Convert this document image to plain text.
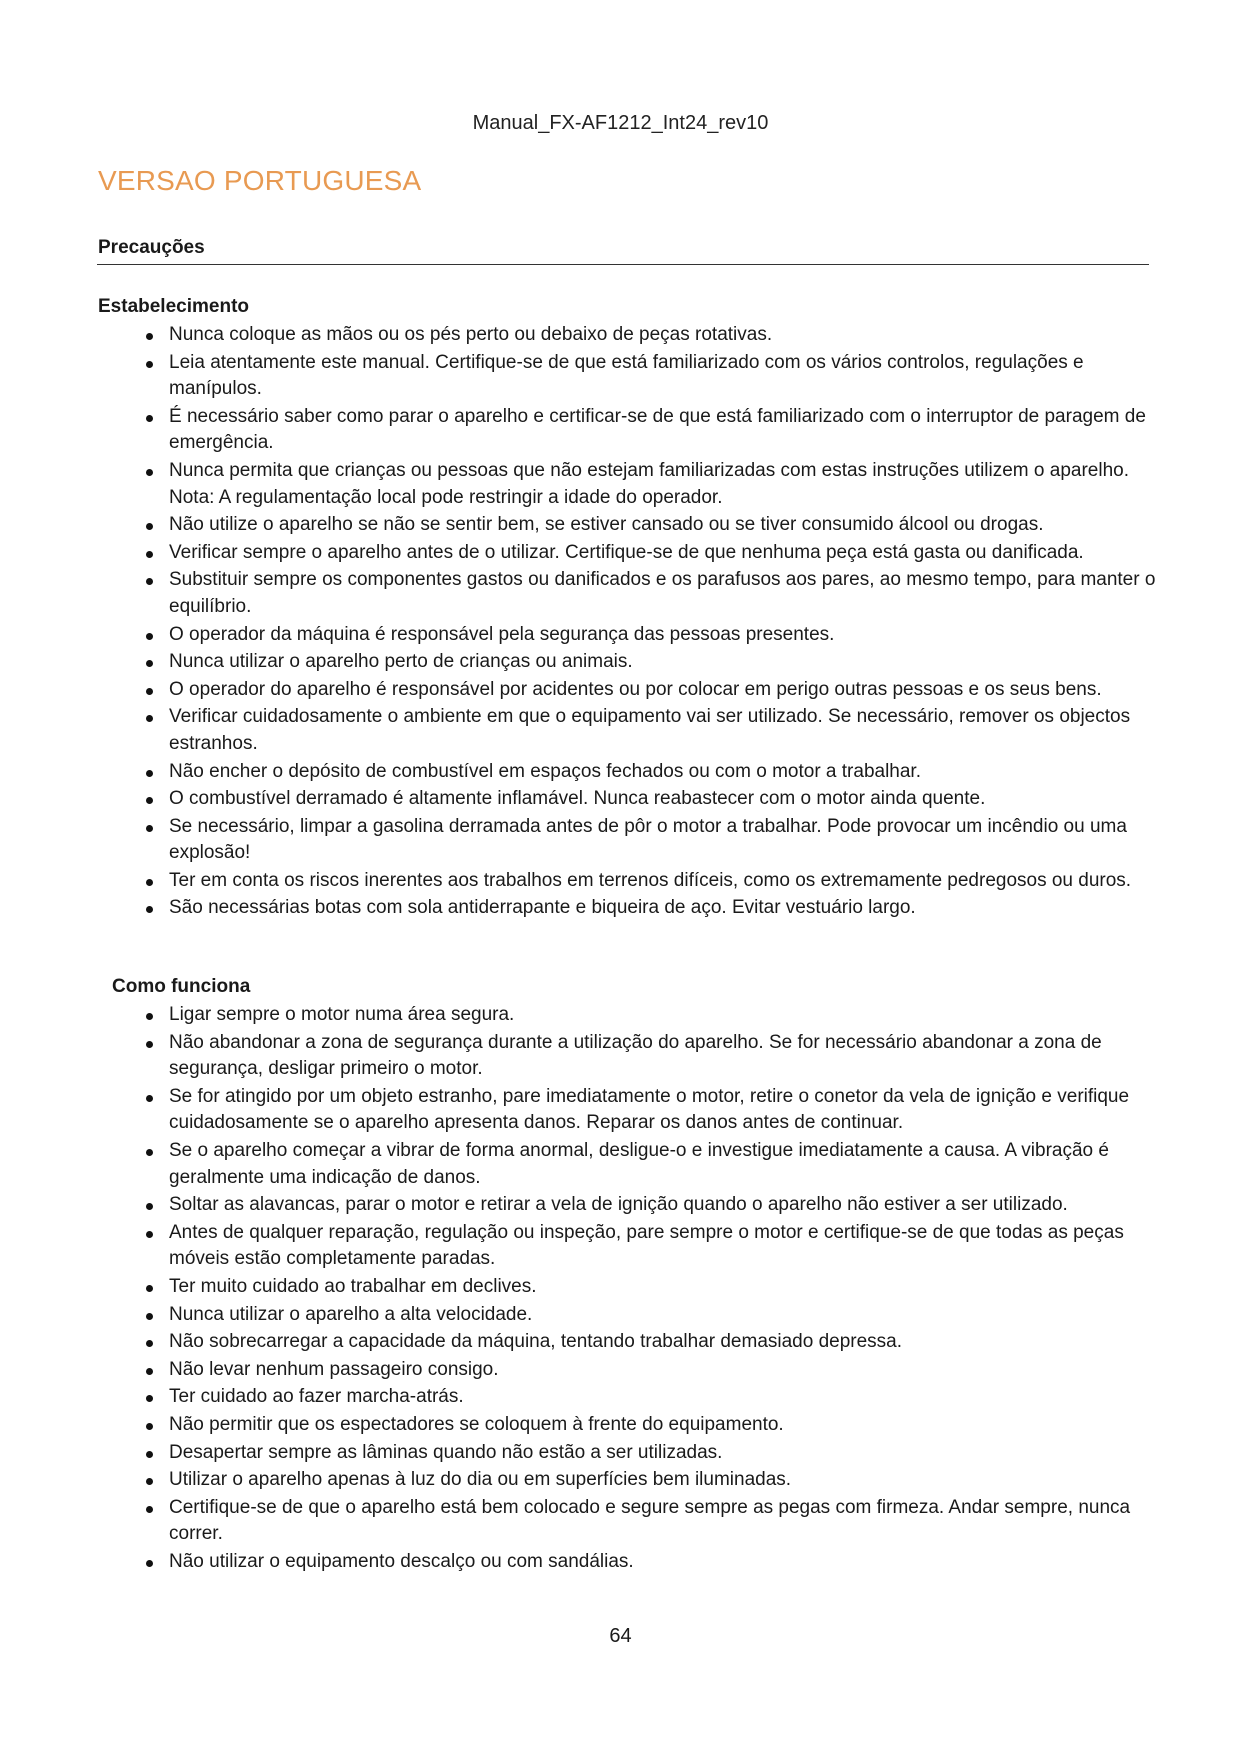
Manual_FX-AF1212_Int24_rev10
VERSAO PORTUGUESA
Precauções
Estabelecimento
Nunca coloque as mãos ou os pés perto ou debaixo de peças rotativas.
Leia atentamente este manual. Certifique-se de que está familiarizado com os vários controlos, regulações e manípulos.
É necessário saber como parar o aparelho e certificar-se de que está familiarizado com o interruptor de paragem de emergência.
Nunca permita que crianças ou pessoas que não estejam familiarizadas com estas instruções utilizem o aparelho. Nota: A regulamentação local pode restringir a idade do operador.
Não utilize o aparelho se não se sentir bem, se estiver cansado ou se tiver consumido álcool ou drogas.
Verificar sempre o aparelho antes de o utilizar. Certifique-se de que nenhuma peça está gasta ou danificada.
Substituir sempre os componentes gastos ou danificados e os parafusos aos pares, ao mesmo tempo, para manter o equilíbrio.
O operador da máquina é responsável pela segurança das pessoas presentes.
Nunca utilizar o aparelho perto de crianças ou animais.
O operador do aparelho é responsável por acidentes ou por colocar em perigo outras pessoas e os seus bens.
Verificar cuidadosamente o ambiente em que o equipamento vai ser utilizado. Se necessário, remover os objectos estranhos.
Não encher o depósito de combustível em espaços fechados ou com o motor a trabalhar.
O combustível derramado é altamente inflamável. Nunca reabastecer com o motor ainda quente.
Se necessário, limpar a gasolina derramada antes de pôr o motor a trabalhar. Pode provocar um incêndio ou uma explosão!
Ter em conta os riscos inerentes aos trabalhos em terrenos difíceis, como os extremamente pedregosos ou duros.
São necessárias botas com sola antiderrapante e biqueira de aço. Evitar vestuário largo.
Como funciona
Ligar sempre o motor numa área segura.
Não abandonar a zona de segurança durante a utilização do aparelho. Se for necessário abandonar a zona de segurança, desligar primeiro o motor.
Se for atingido por um objeto estranho, pare imediatamente o motor, retire o conetor da vela de ignição e verifique cuidadosamente se o aparelho apresenta danos. Reparar os danos antes de continuar.
Se o aparelho começar a vibrar de forma anormal, desligue-o e investigue imediatamente a causa. A vibração é geralmente uma indicação de danos.
Soltar as alavancas, parar o motor e retirar a vela de ignição quando o aparelho não estiver a ser utilizado.
Antes de qualquer reparação, regulação ou inspeção, pare sempre o motor e certifique-se de que todas as peças móveis estão completamente paradas.
Ter muito cuidado ao trabalhar em declives.
Nunca utilizar o aparelho a alta velocidade.
Não sobrecarregar a capacidade da máquina, tentando trabalhar demasiado depressa.
Não levar nenhum passageiro consigo.
Ter cuidado ao fazer marcha-atrás.
Não permitir que os espectadores se coloquem à frente do equipamento.
Desapertar sempre as lâminas quando não estão a ser utilizadas.
Utilizar o aparelho apenas à luz do dia ou em superfícies bem iluminadas.
Certifique-se de que o aparelho está bem colocado e segure sempre as pegas com firmeza. Andar sempre, nunca correr.
Não utilizar o equipamento descalço ou com sandálias.
64
